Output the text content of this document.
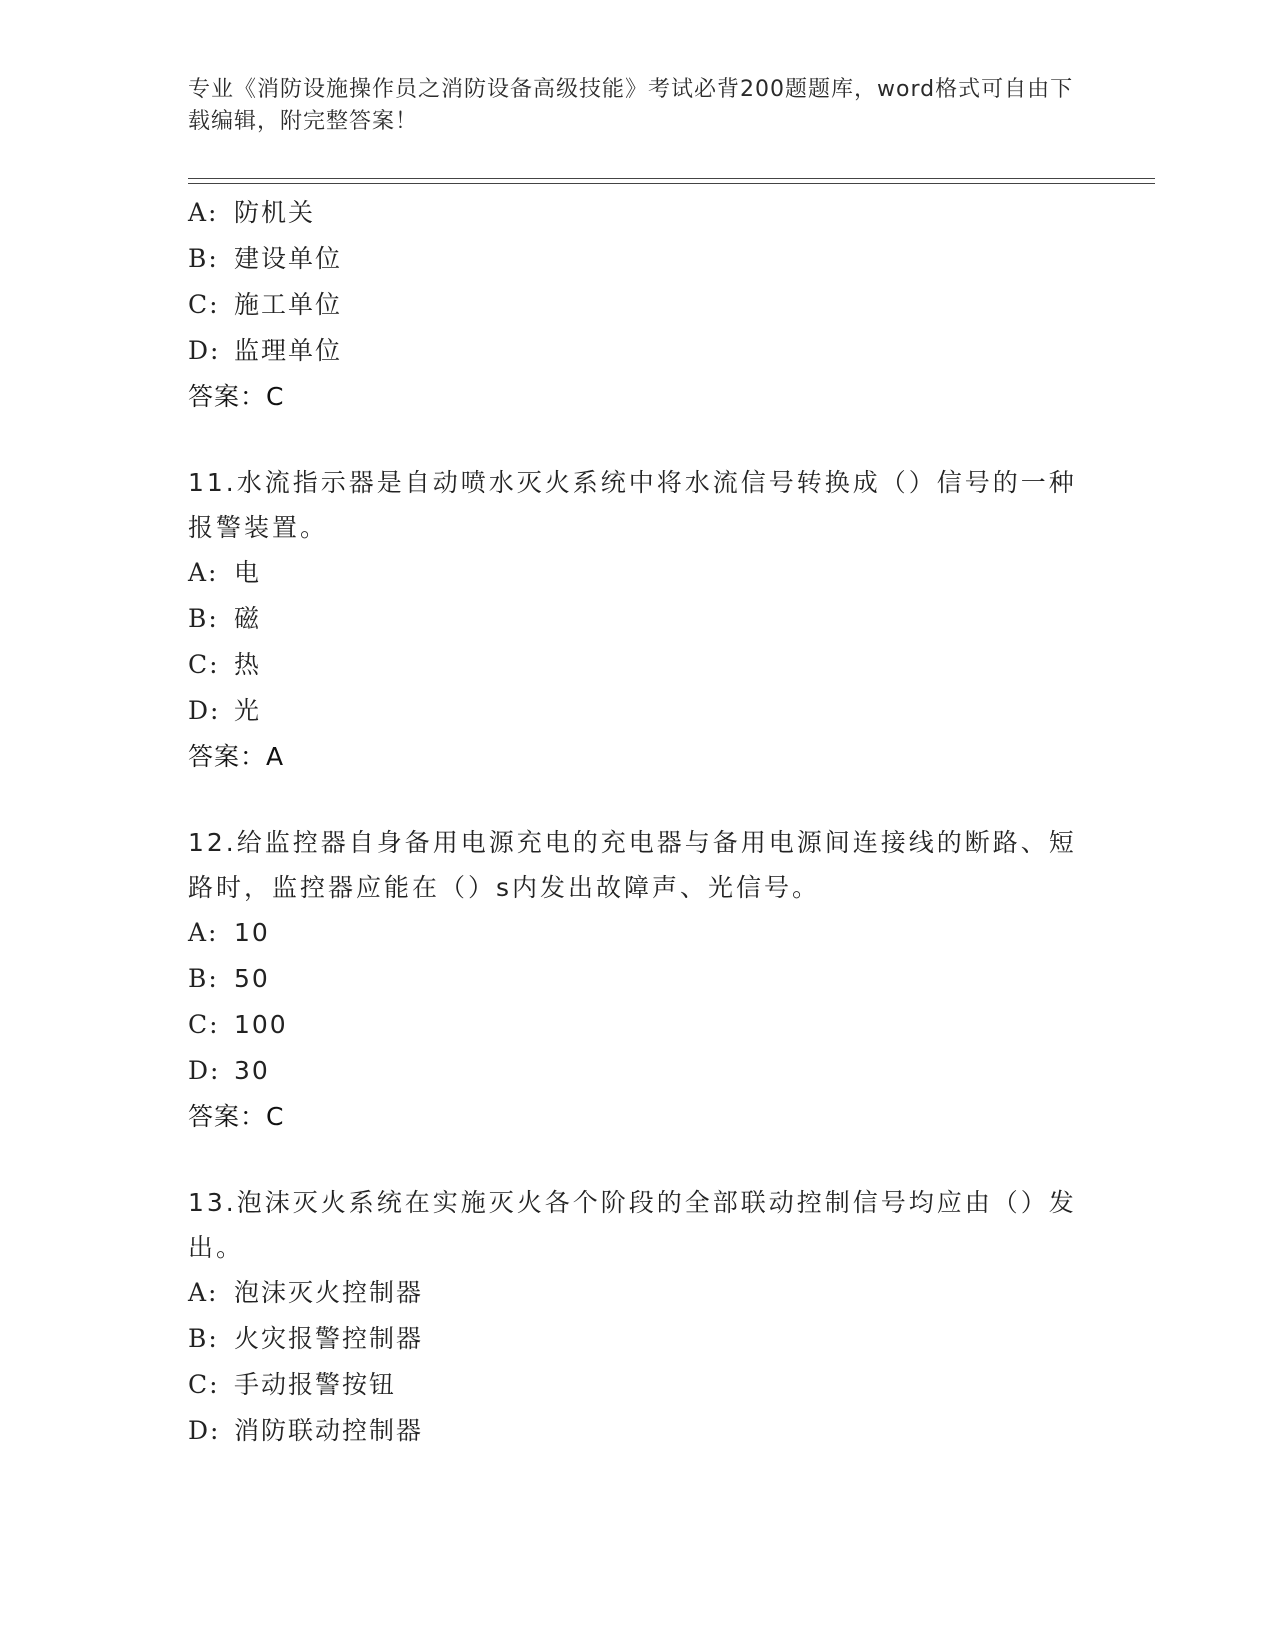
专业《消防设施操作员之消防设备高级技能》考试必背200题题库，word格式可自由下载编辑，附完整答案！
A: 防机关
B: 建设单位
C: 施工单位
D: 监理单位
答案：C

11.水流指示器是自动喷水灭火系统中将水流信号转换成（）信号的一种报警装置。

A: 电
B: 磁
C: 热
D: 光
答案：A

12.给监控器自身备用电源充电的充电器与备用电源间连接线的断路、短路时，监控器应能在（）s内发出故障声、光信号。

A: 10
B: 50
C: 100
D: 30
答案：C

13.泡沫灭火系统在实施灭火各个阶段的全部联动控制信号均应由（）发出。

A: 泡沫灭火控制器
B: 火灾报警控制器
C: 手动报警按钮
D: 消防联动控制器
